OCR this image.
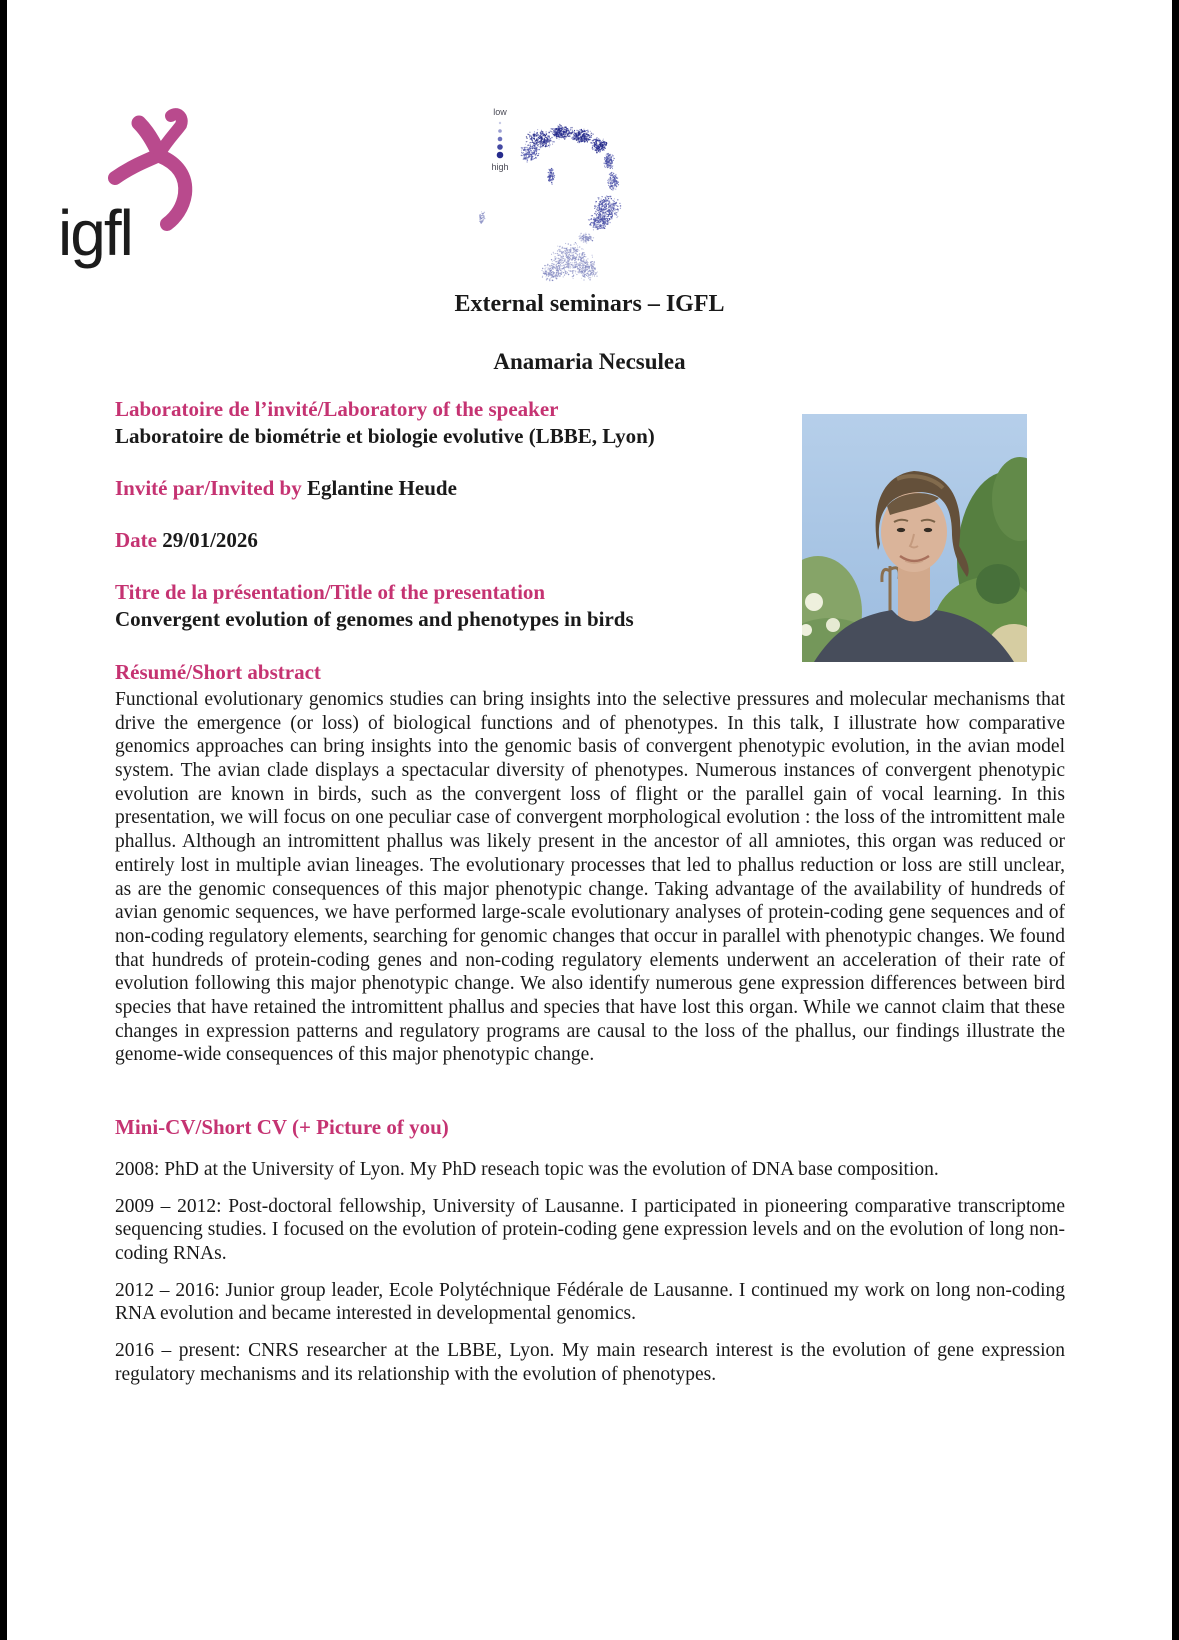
igfl
low
high
External seminars – IGFL
Anamaria Necsulea
Laboratoire de l’invité/Laboratory of the speaker
Laboratoire de biométrie et biologie evolutive (LBBE, Lyon)
Invité par/Invited by Eglantine Heude
Date 29/01/2026
Titre de la présentation/Title of the presentation
Convergent evolution of genomes and phenotypes in birds
Résumé/Short abstract

Functional evolutionary genomics studies can bring insights into the selective pressures and molecular mechanisms that drive the emergence (or loss) of biological functions and of phenotypes. In this talk, I illustrate how comparative genomics approaches can bring insights into the genomic basis of convergent phenotypic evolution, in the avian model system. The avian clade displays a spectacular diversity of phenotypes. Numerous instances of convergent phenotypic evolution are known in birds, such as the convergent loss of flight or the parallel gain of vocal learning. In this presentation, we will focus on one peculiar case of convergent morphological evolution : the loss of the intromittent male phallus. Although an intromittent phallus was likely present in the ancestor of all amniotes, this organ was reduced or entirely lost in multiple avian lineages. The evolutionary processes that led to phallus reduction or loss are still unclear, as are the genomic consequences of this major phenotypic change. Taking advantage of the availability of hundreds of avian genomic sequences, we have performed large-scale evolutionary analyses of protein-coding gene sequences and of non-coding regulatory elements, searching for genomic changes that occur in parallel with phenotypic changes. We found that hundreds of protein-coding genes and non-coding regulatory elements underwent an acceleration of their rate of evolution following this major phenotypic change. We also identify numerous gene expression differences between bird species that have retained the intromittent phallus and species that have lost this organ. While we cannot claim that these changes in expression patterns and regulatory programs are causal to the loss of the phallus, our findings illustrate the genome-wide consequences of this major phenotypic change.

Mini-CV/Short CV (+ Picture of you)

2008: PhD at the University of Lyon. My PhD reseach topic was the evolution of DNA base composition.

2009 – 2012: Post-doctoral fellowship, University of Lausanne. I participated in pioneering comparative transcriptome sequencing studies. I focused on the evolution of protein-coding gene expression levels and on the evolution of long non-coding RNAs.

2012 – 2016: Junior group leader, Ecole Polytéchnique Fédérale de Lausanne. I continued my work on long non-coding RNA evolution and became interested in developmental genomics.

2016 – present: CNRS researcher at the LBBE, Lyon. My main research interest is the evolution of gene expression regulatory mechanisms and its relationship with the evolution of phenotypes.
